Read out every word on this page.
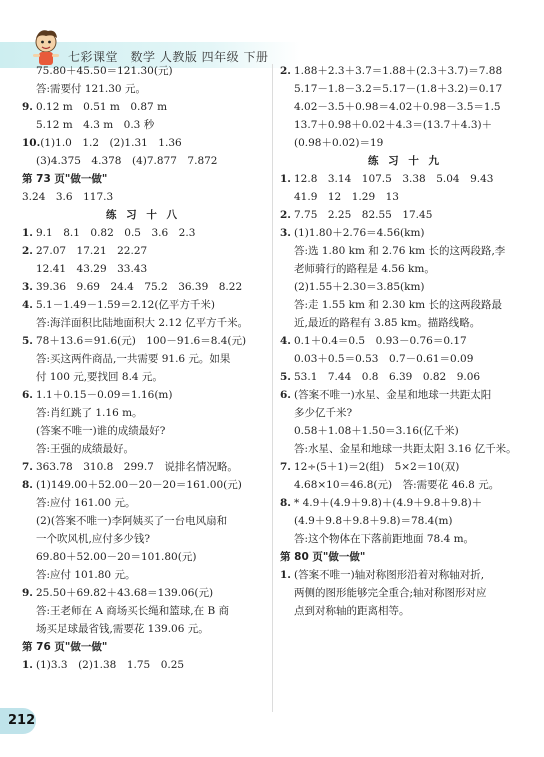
七彩课堂　数学 人教版 四年级 下册
75.80＋45.50＝121.30(元)
答:需要付 121.30 元。
9. 0.12 m　0.51 m　0.87 m
5.12 m　4.3 m　0.3 秒
10.(1)1.0　1.2　(2)1.31　1.36
(3)4.375　4.378　(4)7.877　7.872
第 73 页"做一做"
3.24　3.6　117.3
练 习 十 八
1. 9.1　8.1　0.82　0.5　3.6　2.3
2. 27.07　17.21　22.27
12.41　43.29　33.43
3. 39.36　9.69　24.4　75.2　36.39　8.22
4. 5.1－1.49－1.59＝2.12(亿平方千米)
答:海洋面积比陆地面积大 2.12 亿平方千米。
5. 78＋13.6＝91.6(元)　100－91.6＝8.4(元)
答:买这两件商品,一共需要 91.6 元。如果
付 100 元,要找回 8.4 元。
6. 1.1＋0.15－0.09＝1.16(m)
答:肖红跳了 1.16 m。
(答案不唯一)谁的成绩最好?
答:王强的成绩最好。
7. 363.78　310.8　299.7　说排名情况略。
8. (1)149.00＋52.00－20－20＝161.00(元)
答:应付 161.00 元。
(2)(答案不唯一)李阿姨买了一台电风扇和
一个吹风机,应付多少钱?
69.80＋52.00－20＝101.80(元)
答:应付 101.80 元。
9. 25.50＋69.82＋43.68＝139.06(元)
答:王老师在 A 商场买长绳和篮球,在 B 商
场买足球最省钱,需要花 139.06 元。
第 76 页"做一做"
1. (1)3.3　(2)1.38　1.75　0.25
2. 1.88＋2.3＋3.7＝1.88＋(2.3＋3.7)＝7.88
5.17－1.8－3.2＝5.17－(1.8＋3.2)＝0.17
4.02－3.5＋0.98＝4.02＋0.98－3.5＝1.5
13.7＋0.98＋0.02＋4.3＝(13.7＋4.3)＋
(0.98＋0.02)＝19
练 习 十 九
1. 12.8　3.14　107.5　3.38　5.04　9.43
41.9　12　1.29　13
2. 7.75　2.25　82.55　17.45
3. (1)1.80＋2.76＝4.56(km)
答:选 1.80 km 和 2.76 km 长的这两段路,李
老师骑行的路程是 4.56 km。
(2)1.55＋2.30＝3.85(km)
答:走 1.55 km 和 2.30 km 长的这两段路最
近,最近的路程有 3.85 km。描路线略。
4. 0.1＋0.4＝0.5　0.93－0.76＝0.17
0.03＋0.5＝0.53　0.7－0.61＝0.09
5. 53.1　7.44　0.8　6.39　0.82　9.06
6. (答案不唯一)水星、金星和地球一共距太阳
多少亿千米?
0.58＋1.08＋1.50＝3.16(亿千米)
答:水星、金星和地球一共距太阳 3.16 亿千米。
7. 12÷(5＋1)＝2(组)　5×2＝10(双)
4.68×10＝46.8(元)　答:需要花 46.8 元。
8. * 4.9＋(4.9＋9.8)＋(4.9＋9.8＋9.8)＋
(4.9＋9.8＋9.8＋9.8)＝78.4(m)
答:这个物体在下落前距地面 78.4 m。
第 80 页"做一做"
1. (答案不唯一)轴对称图形沿着对称轴对折,
两侧的图形能够完全重合;轴对称图形对应
点到对称轴的距离相等。
212
